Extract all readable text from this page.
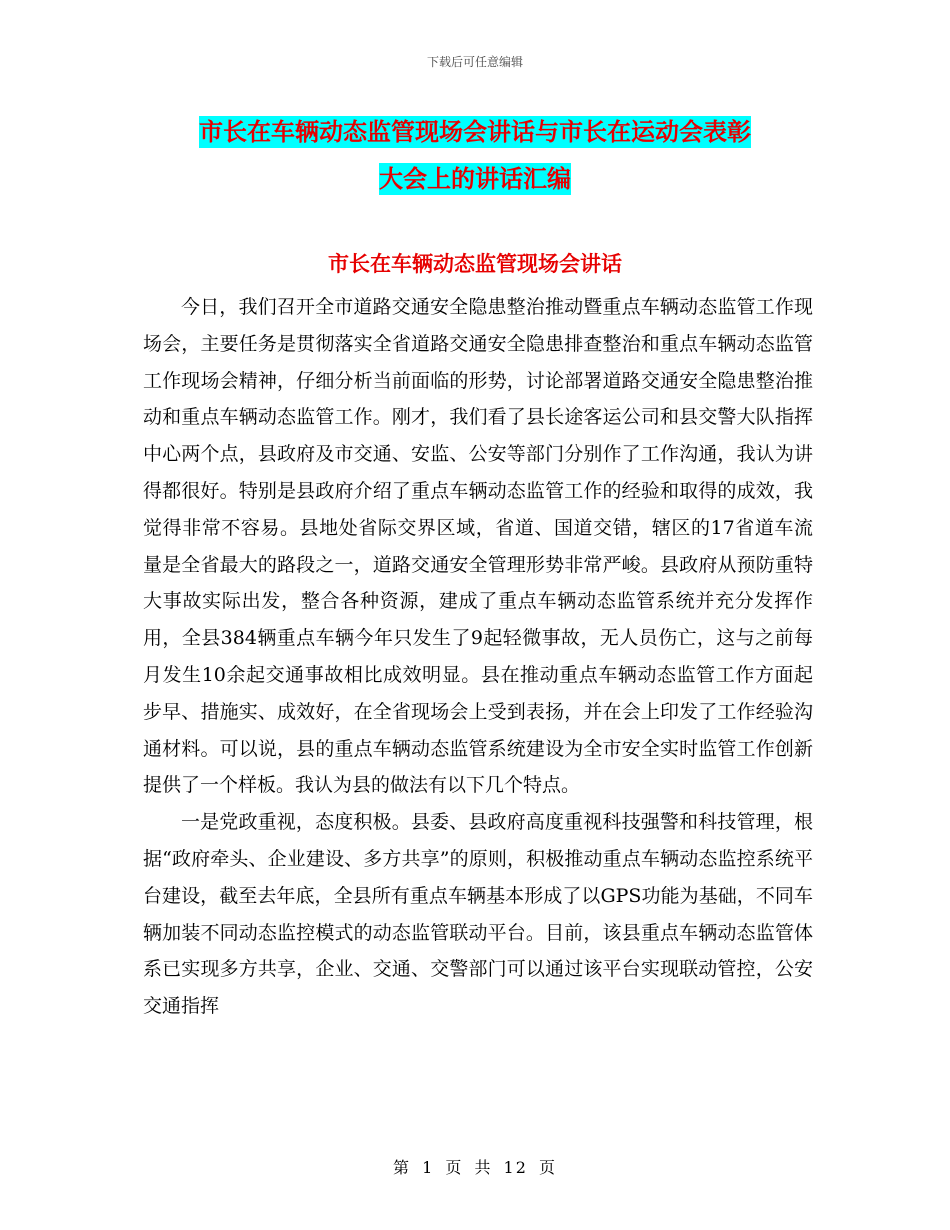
下载后可任意编辑
市长在车辆动态监管现场会讲话与市长在运动会表彰
大会上的讲话汇编
市长在车辆动态监管现场会讲话

今日，我们召开全市道路交通安全隐患整治推动暨重点车辆动态监管工作现场会，主要任务是贯彻落实全省道路交通安全隐患排查整治和重点车辆动态监管工作现场会精神，仔细分析当前面临的形势，讨论部署道路交通安全隐患整治推动和重点车辆动态监管工作。刚才，我们看了县长途客运公司和县交警大队指挥中心两个点，县政府及市交通、安监、公安等部门分别作了工作沟通，我认为讲得都很好。特别是县政府介绍了重点车辆动态监管工作的经验和取得的成效，我觉得非常不容易。县地处省际交界区域，省道、国道交错，辖区的17省道车流量是全省最大的路段之一，道路交通安全管理形势非常严峻。县政府从预防重特大事故实际出发，整合各种资源，建成了重点车辆动态监管系统并充分发挥作用，全县384辆重点车辆今年只发生了9起轻微事故，无人员伤亡，这与之前每月发生10余起交通事故相比成效明显。县在推动重点车辆动态监管工作方面起步早、措施实、成效好，在全省现场会上受到表扬，并在会上印发了工作经验沟通材料。可以说，县的重点车辆动态监管系统建设为全市安全实时监管工作创新提供了一个样板。我认为县的做法有以下几个特点。

一是党政重视，态度积极。县委、县政府高度重视科技强警和科技管理，根据“政府牵头、企业建设、多方共享”的原则，积极推动重点车辆动态监控系统平台建设，截至去年底，全县所有重点车辆基本形成了以GPS功能为基础，不同车辆加装不同动态监控模式的动态监管联动平台。目前，该县重点车辆动态监管体系已实现多方共享，企业、交通、交警部门可以通过该平台实现联动管控，公安交通指挥

第 1 页 共 12 页
